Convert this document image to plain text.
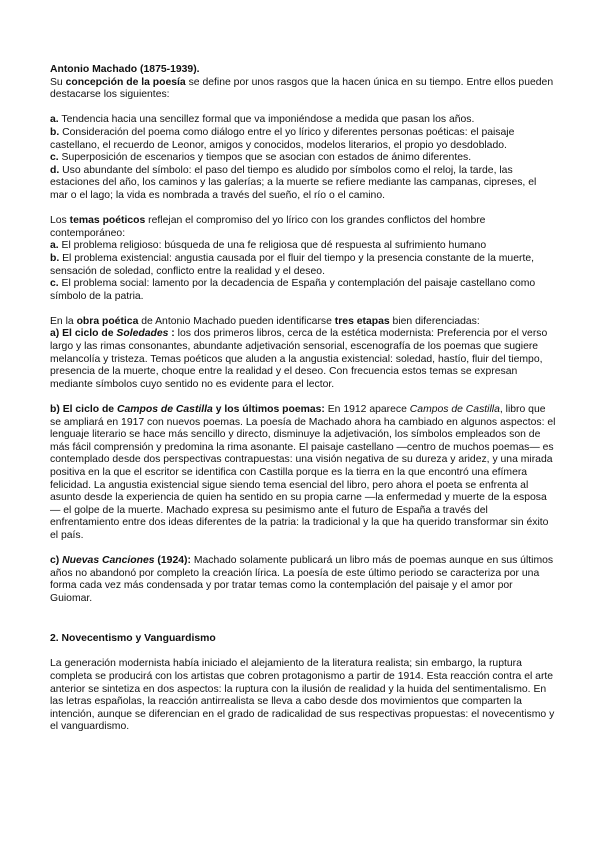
Antonio Machado (1875-1939).

Su concepción de la poesía se define por unos rasgos que la hacen única en su tiempo. Entre ellos pueden destacarse los siguientes:

a. Tendencia hacia una sencillez formal que va imponiéndose a medida que pasan los años.

b. Consideración del poema como diálogo entre el yo lírico y diferentes personas poéticas: el paisaje castellano, el recuerdo de Leonor, amigos y conocidos, modelos literarios, el propio yo desdoblado.

c. Superposición de escenarios y tiempos que se asocian con estados de ánimo diferentes.

d. Uso abundante del símbolo: el paso del tiempo es aludido por símbolos como el reloj, la tarde, las estaciones del año, los caminos y las galerías; a la muerte se refiere mediante las campanas, cipreses, el mar o el lago; la vida es nombrada a través del sueño, el río o el camino.

Los temas poéticos reflejan el compromiso del yo lírico con los grandes conflictos del hombre contemporáneo:

a. El problema religioso: búsqueda de una fe religiosa que dé respuesta al sufrimiento humano

b. El problema existencial: angustia causada por el fluir del tiempo y la presencia constante de la muerte, sensación de soledad, conflicto entre la realidad y el deseo.

c. El problema social: lamento por la decadencia de España y contemplación del paisaje castellano como símbolo de la patria.

En la obra poética de Antonio Machado pueden identificarse tres etapas bien diferenciadas:

a) El ciclo de Soledades : los dos primeros libros, cerca de la estética modernista: Preferencia por el verso largo y las rimas consonantes, abundante adjetivación sensorial, escenografía de los poemas que sugiere melancolía y tristeza. Temas poéticos que aluden a la angustia existencial: soledad, hastío, fluir del tiempo, presencia de la muerte, choque entre la realidad y el deseo. Con frecuencia estos temas se expresan mediante símbolos cuyo sentido no es evidente para el lector.

b) El ciclo de Campos de Castilla y los últimos poemas: En 1912 aparece Campos de Castilla, libro que se ampliará en 1917 con nuevos poemas. La poesía de Machado ahora ha cambiado en algunos aspectos: el lenguaje literario se hace más sencillo y directo, disminuye la adjetivación, los símbolos empleados son de más fácil comprensión y predomina la rima asonante. El paisaje castellano —centro de muchos poemas— es contemplado desde dos perspectivas contrapuestas: una visión negativa de su dureza y aridez, y una mirada positiva en la que el escritor se identifica con Castilla porque es la tierra en la que encontró una efímera felicidad. La angustia existencial sigue siendo tema esencial del libro, pero ahora el poeta se enfrenta al asunto desde la experiencia de quien ha sentido en su propia carne —la enfermedad y muerte de la esposa— el golpe de la muerte. Machado expresa su pesimismo ante el futuro de España a través del enfrentamiento entre dos ideas diferentes de la patria: la tradicional y la que ha querido transformar sin éxito el país.

c) Nuevas Canciones (1924): Machado solamente publicará un libro más de poemas aunque en sus últimos años no abandonó por completo la creación lírica. La poesía de este último periodo se caracteriza por una forma cada vez más condensada y por tratar temas como la contemplación del paisaje y el amor por Guiomar.

2. Novecentismo y Vanguardismo

La generación modernista había iniciado el alejamiento de la literatura realista; sin embargo, la ruptura completa se producirá con los artistas que cobren protagonismo a partir de 1914. Esta reacción contra el arte anterior se sintetiza en dos aspectos: la ruptura con la ilusión de realidad y la huida del sentimentalismo. En las letras españolas, la reacción antirrealista se lleva a cabo desde dos movimientos que comparten la intención, aunque se diferencian en el grado de radicalidad de sus respectivas propuestas: el novecentismo y el vanguardismo.
